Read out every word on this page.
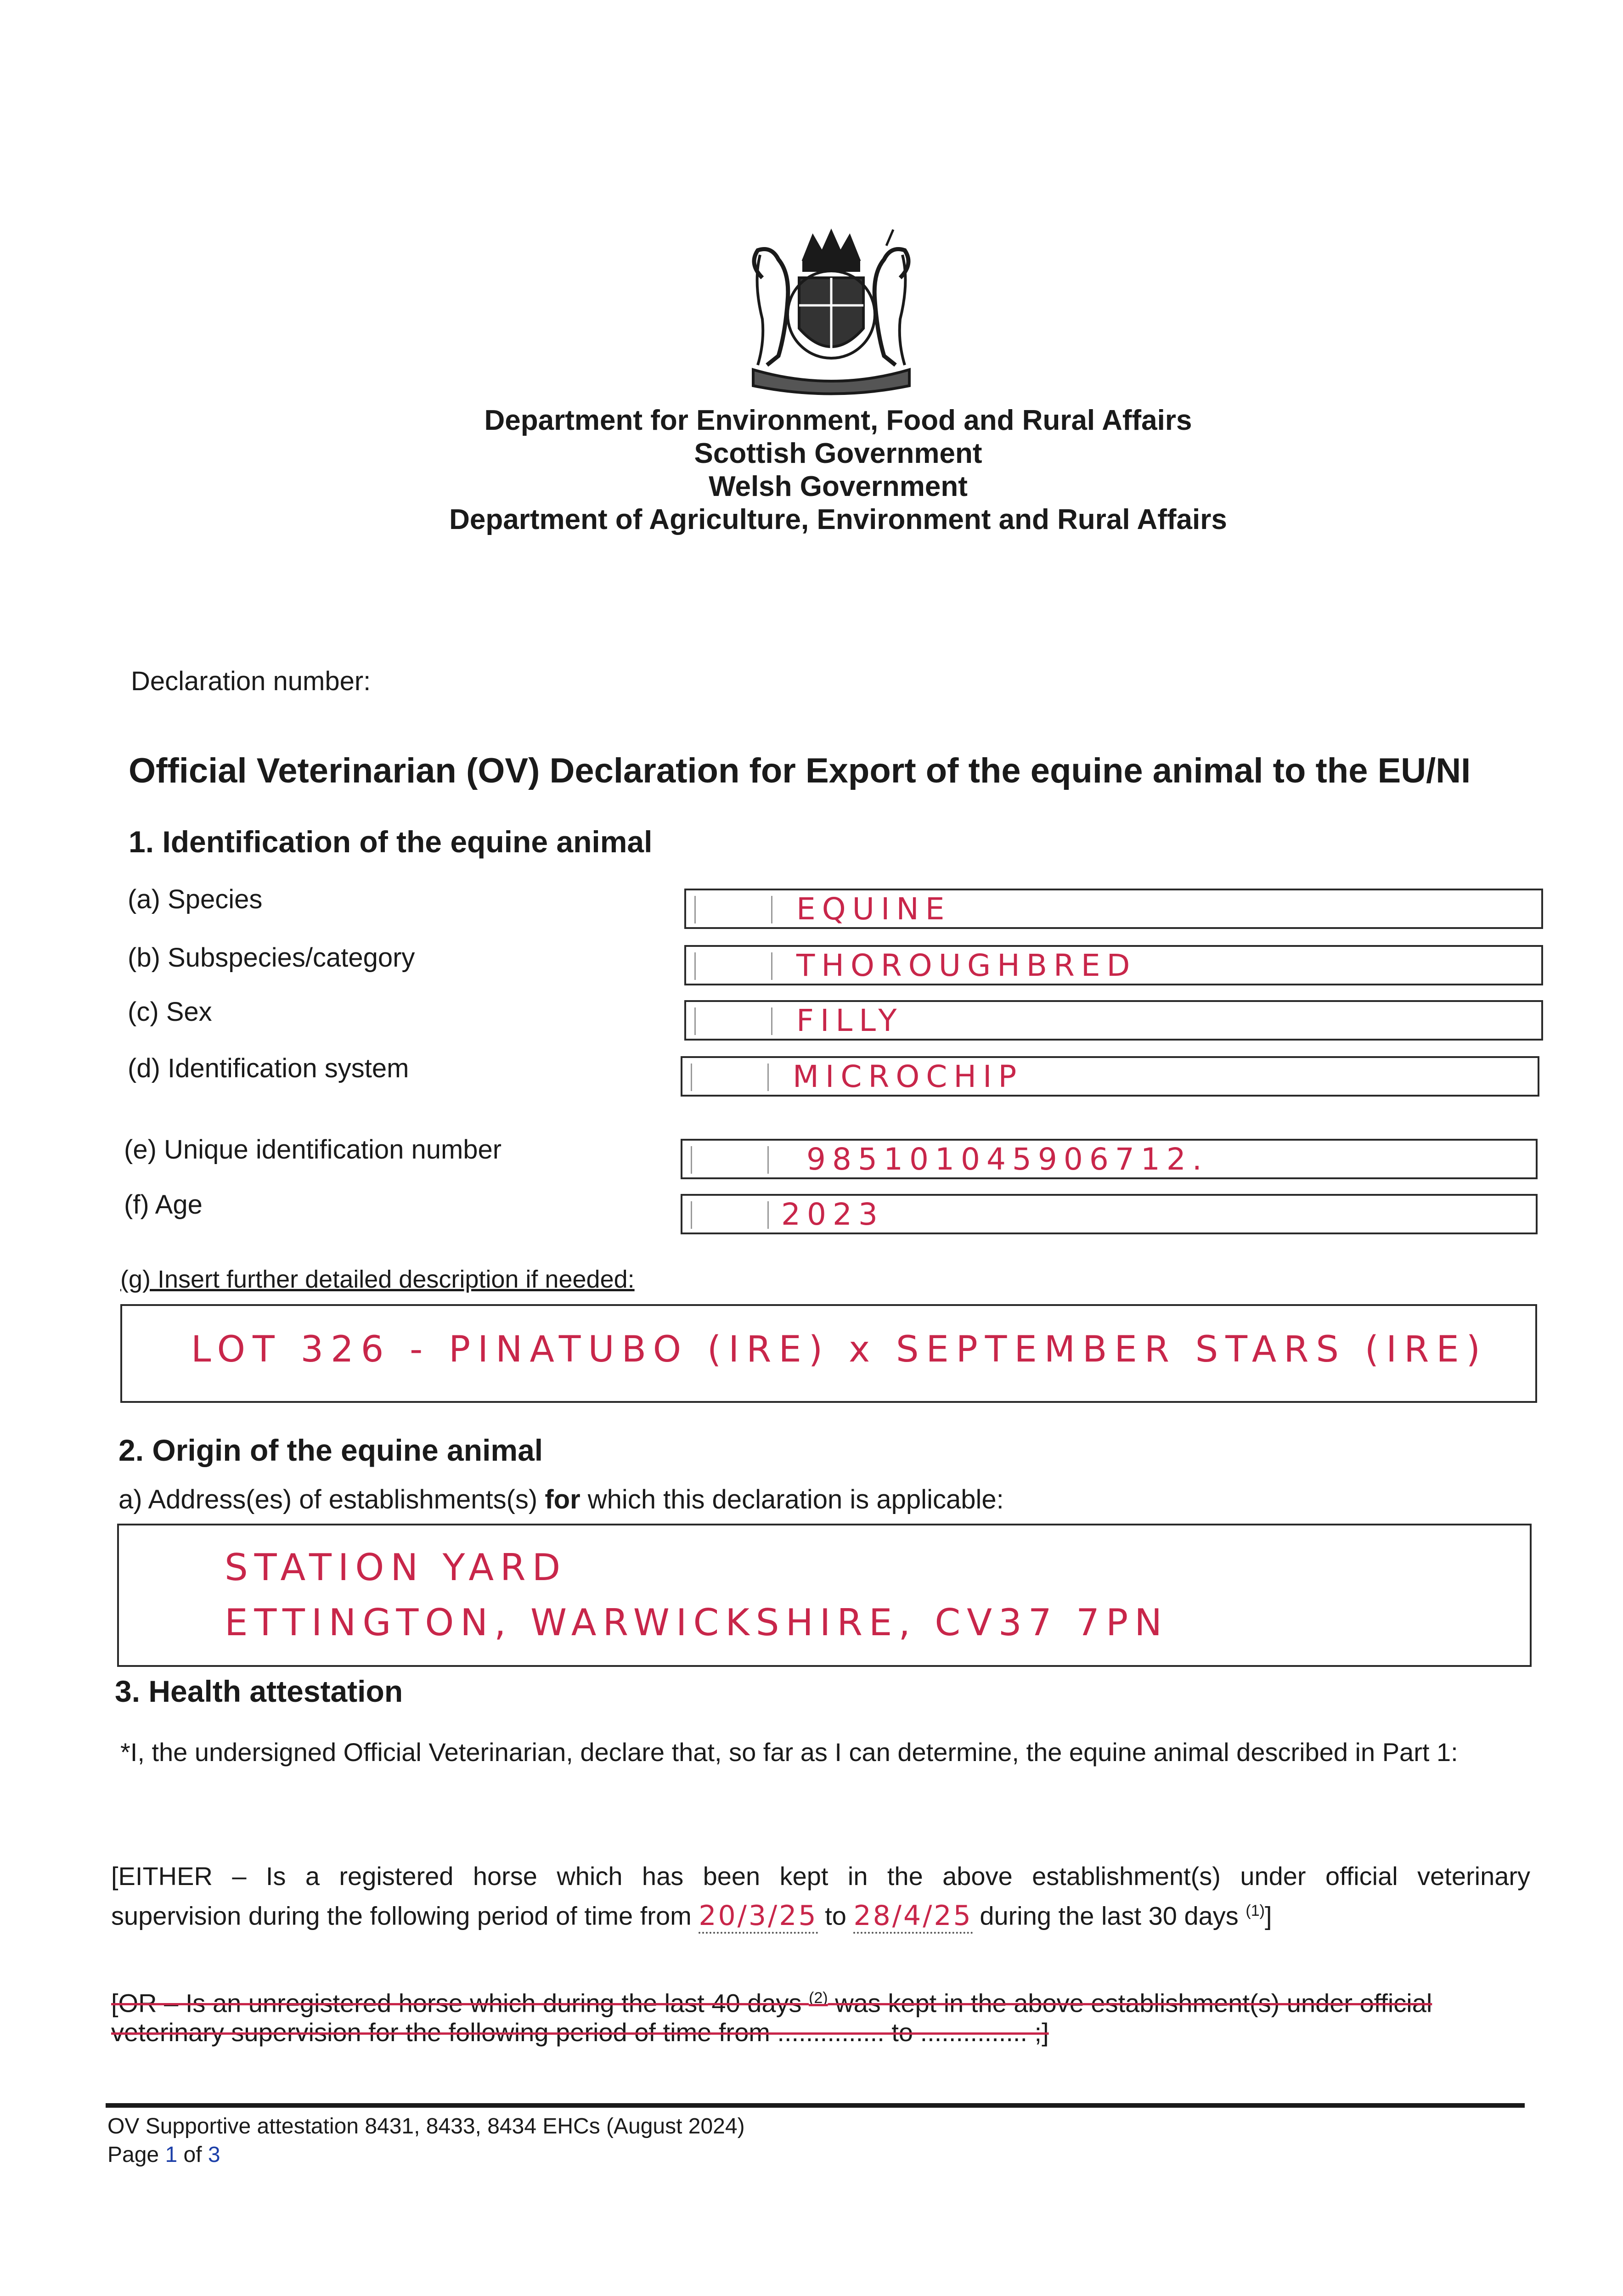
Department for Environment, Food and Rural Affairs
Scottish Government
Welsh Government
Department of Agriculture, Environment and Rural Affairs
Declaration number:
Official Veterinarian (OV) Declaration for Export of the equine animal to the EU/NI
1. Identification of the equine animal
(a) Species	EQUINE
(b) Subspecies/category	THOROUGHBRED
(c) Sex	FILLY
(d) Identification system	MICROCHIP
(e) Unique identification number	985101045906712.
(f) Age	2023
(g) Insert further detailed description if needed:
LOT 326 - PINATUBO (IRE) x SEPTEMBER STARS (IRE)
2. Origin of the equine animal
a) Address(es) of establishments(s) for which this declaration is applicable:
STATION YARD
ETTINGTON, WARWICKSHIRE, CV37 7PN
3. Health attestation
*I, the undersigned Official Veterinarian, declare that, so far as I can determine, the equine animal described in Part 1:
[EITHER – Is a registered horse which has been kept in the above establishment(s) under official veterinary
supervision during the following period of time from 20/3/25 to 28/4/25 during the last 30 days $^{(1)}$]
[OR – Is an unregistered horse which during the last 40 days $^{(2)}$ was kept in the above establishment(s) under official
veterinary supervision for the following period of time from ............... to ............... ;]
OV Supportive attestation 8431, 8433, 8434 EHCs (August 2024)
Page 1 of 3
